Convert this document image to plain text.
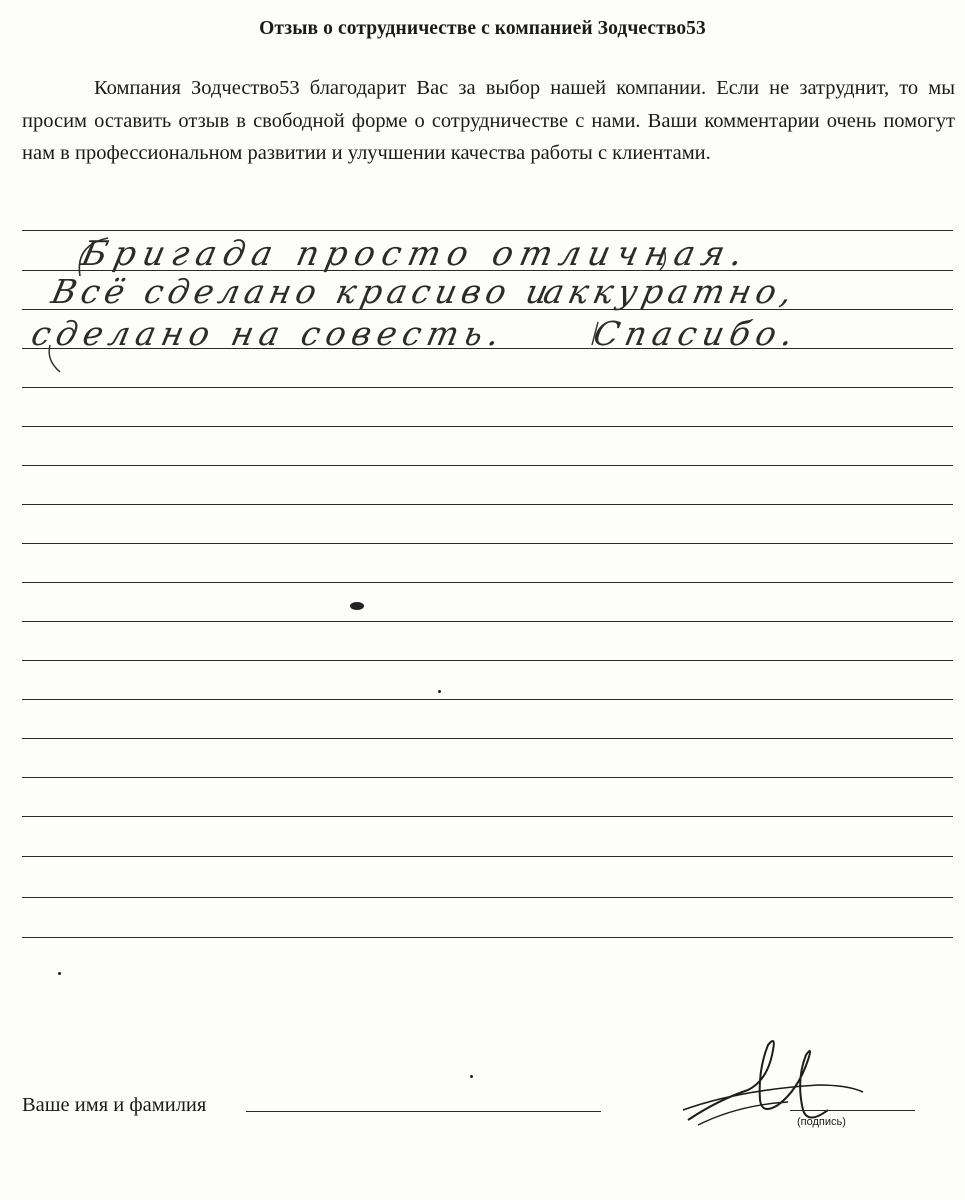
Отзыв о сотрудничестве с компанией Зодчество53
Компания Зодчество53 благодарит Вас за выбор нашей компании. Если не затруднит, то мы просим оставить отзыв в свободной форме о сотрудничестве с нами. Ваши комментарии очень помогут нам в профессиональном развитии и улучшении качества работы с клиентами.
Бригада просто отличная.
Всё сделано красиво и
аккуратно,
сделано на совесть. Спасибо.
Ваше имя и фамилия
(подпись)
